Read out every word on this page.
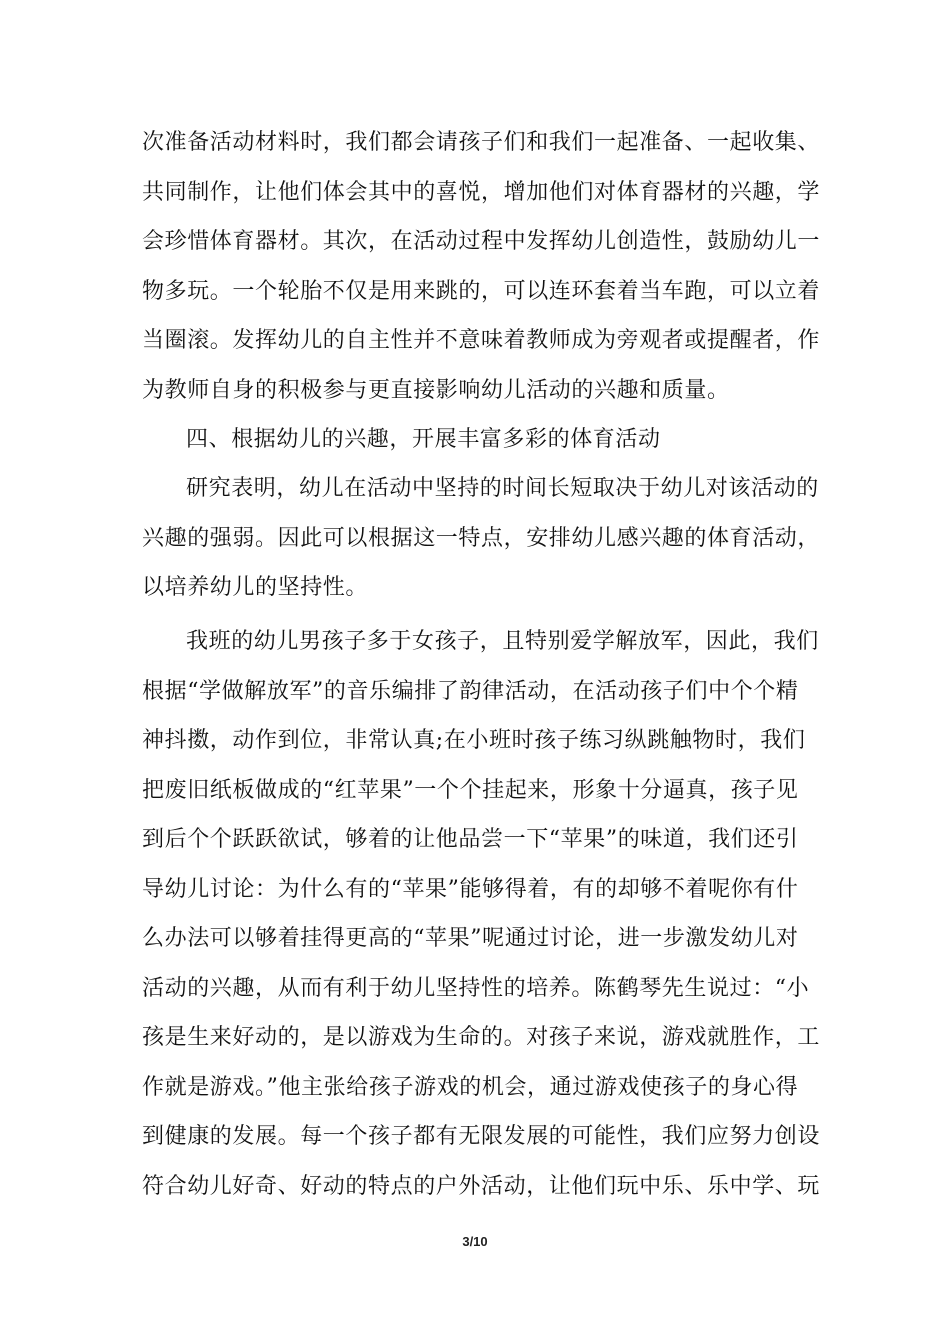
次准备活动材料时，我们都会请孩子们和我们一起准备、一起收集、
共同制作，让他们体会其中的喜悦，增加他们对体育器材的兴趣，学
会珍惜体育器材。其次，在活动过程中发挥幼儿创造性，鼓励幼儿一
物多玩。一个轮胎不仅是用来跳的，可以连环套着当车跑，可以立着
当圈滚。发挥幼儿的自主性并不意味着教师成为旁观者或提醒者，作
为教师自身的积极参与更直接影响幼儿活动的兴趣和质量。
四、根据幼儿的兴趣，开展丰富多彩的体育活动
研究表明，幼儿在活动中坚持的时间长短取决于幼儿对该活动的
兴趣的强弱。因此可以根据这一特点，安排幼儿感兴趣的体育活动，
以培养幼儿的坚持性。
我班的幼儿男孩子多于女孩子，且特别爱学解放军，因此，我们
根据“学做解放军”的音乐编排了韵律活动，在活动孩子们中个个精
神抖擞，动作到位，非常认真;在小班时孩子练习纵跳触物时，我们
把废旧纸板做成的“红苹果”一个个挂起来，形象十分逼真，孩子见
到后个个跃跃欲试，够着的让他品尝一下“苹果”的味道，我们还引
导幼儿讨论：为什么有的“苹果”能够得着，有的却够不着呢你有什
么办法可以够着挂得更高的“苹果”呢通过讨论，进一步激发幼儿对
活动的兴趣，从而有利于幼儿坚持性的培养。陈鹤琴先生说过：“小
孩是生来好动的，是以游戏为生命的。对孩子来说，游戏就胜作，工
作就是游戏。”他主张给孩子游戏的机会，通过游戏使孩子的身心得
到健康的发展。每一个孩子都有无限发展的可能性，我们应努力创设
符合幼儿好奇、好动的特点的户外活动，让他们玩中乐、乐中学、玩
3/10
